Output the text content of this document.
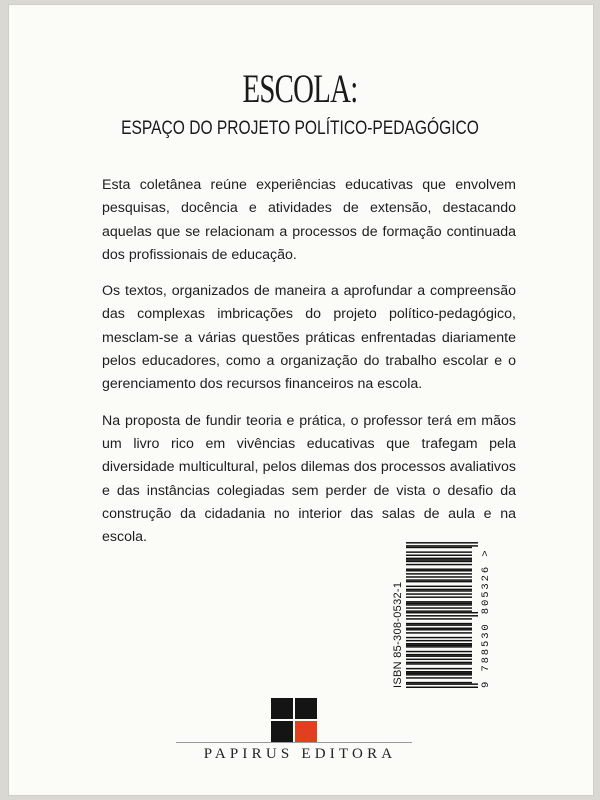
ESCOLA:
ESPAÇO DO PROJETO POLÍTICO-PEDAGÓGICO

Esta coletânea reúne experiências educativas que envolvem pesquisas, docência e atividades de extensão, destacando aquelas que se relacionam a processos de formação continuada dos profissionais de educação.

Os textos, organizados de maneira a aprofundar a compreensão das complexas imbricações do projeto político-pedagógico, mesclam-se a várias questões práticas enfrentadas diariamente pelos educadores, como a organização do trabalho escolar e o gerenciamento dos recursos financeiros na escola.

Na proposta de fundir teoria e prática, o professor terá em mãos um livro rico em vivências educativas que trafegam pela diversidade multicultural, pelos dilemas dos processos avaliativos e das instâncias colegiadas sem perder de vista o desafio da construção da cidadania no interior das salas de aula e na escola.

ISBN 85-308-0532-1	9 788530 805326 >
PAPIRUS EDITORA
